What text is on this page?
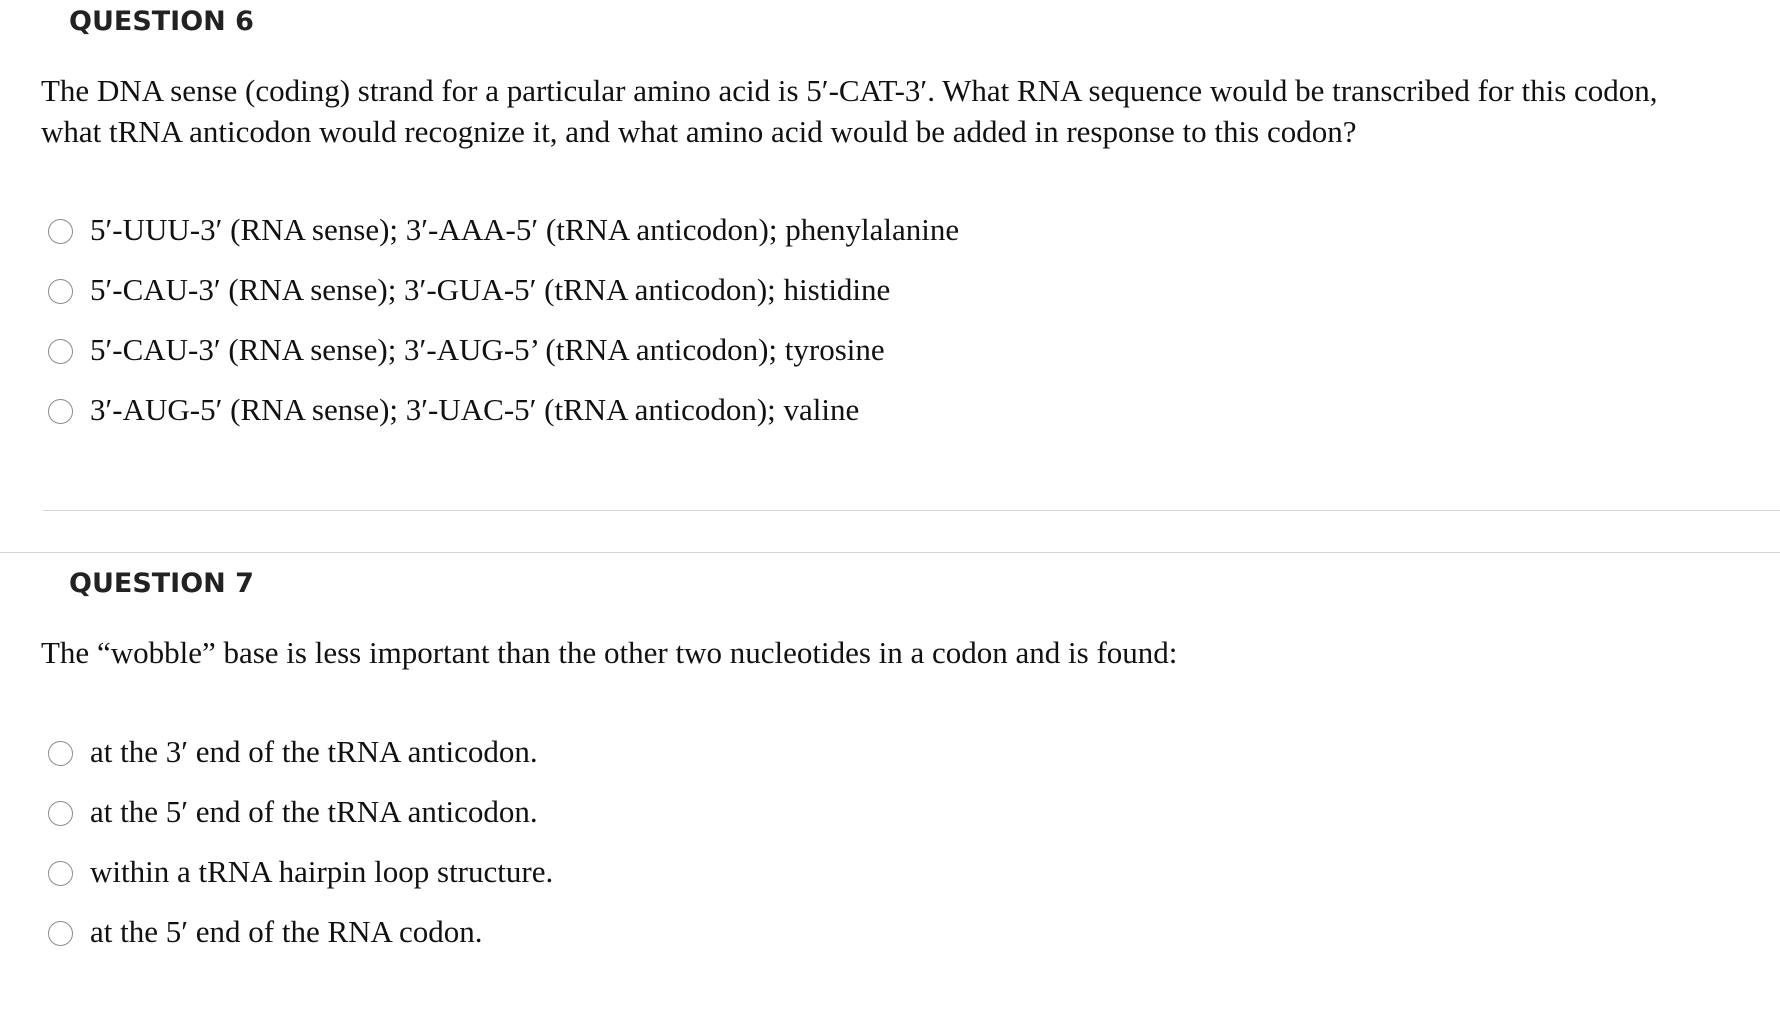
QUESTION 6

The DNA sense (coding) strand for a particular amino acid is 5′-CAT-3′. What RNA sequence would be transcribed for this codon, what tRNA anticodon would recognize it, and what amino acid would be added in response to this codon?

5′-UUU-3′ (RNA sense); 3′-AAA-5′ (tRNA anticodon); phenylalanine
5′-CAU-3′ (RNA sense); 3′-GUA-5′ (tRNA anticodon); histidine
5′-CAU-3′ (RNA sense); 3′-AUG-5’ (tRNA anticodon); tyrosine
3′-AUG-5′ (RNA sense); 3′-UAC-5′ (tRNA anticodon); valine
QUESTION 7

The “wobble” base is less important than the other two nucleotides in a codon and is found:

at the 3′ end of the tRNA anticodon.
at the 5′ end of the tRNA anticodon.
within a tRNA hairpin loop structure.
at the 5′ end of the RNA codon.
